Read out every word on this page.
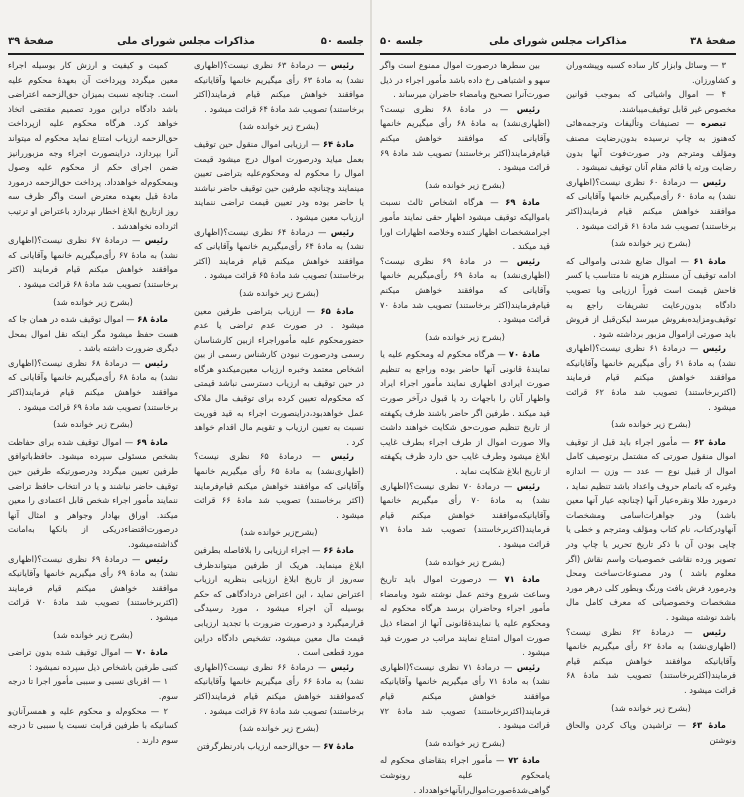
جلسه ۵۰
مذاکرات مجلس شورای ملی
صفحهٔ ۳۹

رئیس — درمادهٔ ۶۳ نظری نیست؟(اظهاری نشد) به مادهٔ ۶۳ رأی میگیریم خانمها وآقایانیکه موافقند خواهش میکنم قیام فرمایند(اکثر برخاستند) تصویب شد مادهٔ ۶۴ قرائت میشود .

(بشرح زیر خوانده شد)

مادهٔ ۶۴ — ارزیابی اموال منقول حین توقیف بعمل میاید ودرصورت اموال درج میشود قیمت اموال را محکوم له ومحکوم‌علیه بتراضی تعیین مینمایند وچنانچه طرفین حین توقیف حاضر نباشند یا حاضر بوده ودر تعیین قیمت تراضی ننمایند ارزیاب معین میشود .

رئیس — درمادهٔ ۶۴ نظری نیست؟(اظهاری نشد) به مادهٔ ۶۴ رأی‌میگیریم خانمها وآقایانی که موافقند خواهش میکنم قیام فرمایند (اکثر برخاستند) تصویب شد مادهٔ ۶۵ قرائت میشود .

(بشرح زیر خوانده شد)

مادهٔ ۶۵ — ارزیاب بتراضی طرفین معین میشود . در صورت عدم تراضی یا عدم حضورمحکوم علیه مأموراجراء ازبین کارشناسان رسمی ودرصورت نبودن کارشناس رسمی از بین اشخاص معتمد وخبره ارزیاب معین‌میکندو هرگاه در حین توقیف به ارزیاب دسترسی نباشد قیمتی که محکوم‌له تعیین کرده برای توقیف مال ملاک عمل خواهدبود،دراینصورت اجراء به قید فوریت نسبت به تعیین ارزیاب و تقویم مال اقدام خواهد کرد .

رئیس — درمادهٔ ۶۵ نظری نیست؟(اظهاری‌نشد) به مادهٔ ۶۵ رأی میگیریم خانمها وآقایانی که موافقند خواهش میکنم قیام‌فرمایند (اکثر برخاستند) تصویب شد مادهٔ ۶۶ قرائت میشود .

(بشرح‌زیر خوانده شد)

مادهٔ ۶۶ — اجراء ارزیابی را بلافاصله بطرفین ابلاغ مینماید. هریک از طرفین میتواندظرف سه‌روز از تاریخ ابلاغ ارزیابی بنظریه ارزیاب اعتراض نماید ، این اعتراض دردادگاهی که حکم بوسیله آن اجراء میشود ، مورد رسیدگی قرارمیگیرد و درصورت ضرورت با تجدید ارزیابی قیمت مال معین میشود، تشخیص دادگاه دراین مورد قطعی است .

رئیس — درمادهٔ ۶۶ نظری نیست؟(اظهاری نشد) به مادهٔ ۶۶ رأی میگیریم خانمها وآقایانیکه که‌موافقند خواهش میکنم قیام فرمایند(اکثر برخاستند) تصویب شد مادهٔ ۶۷ قرائت میشود .

(بشرح زیر خوانده شد)

مادهٔ ۶۷ — حق‌الزحمه ارزیاب بادرنظرگرفتن

کمیت و کیفیت و ارزش کار بوسیله اجراء معین میگردد وپرداخت آن بعهدهٔ محکوم علیه است. چنانچه نسبت بمیزان حق‌الزحمه اعتراضی باشد دادگاه دراین مورد تصمیم مقتضی اتخاذ خواهد کرد. هرگاه محکوم علیه ازپرداخت حق‌الزحمه ارزیاب امتناع نماید محکوم له میتواند آنرا بپردازد، دراینصورت اجراء وجه مزبوررانیز ضمن اجرای حکم از محکوم علیه وصول وبمحکوم‌له خواهدداد. پرداخت حق‌الزحمه درمورد مادهٔ قبل بعهده معترض است واگر ظرف سه روز ازتاریخ ابلاغ اخطار نپردازد باعتراض او ترتیب اثرداده نخواهدشد .

رئیس — درمادهٔ ۶۷ نظری نیست؟(اظهاری نشد) به مادهٔ ۶۷ رأی‌میگیریم خانمها وآقایانی که موافقند خواهش میکنم قیام فرمایند (اکثر برخاستند) تصویب شد مادهٔ ۶۸ قرائت میشود .

(بشرح زیر خوانده شد)

مادهٔ ۶۸ — اموال توقیف شده در همان جا که هست حفظ میشود مگر اینکه نقل اموال بمحل دیگری ضرورت داشته باشد .

رئیس — درمادهٔ ۶۸ نظری نیست؟(اظهاری نشد) به مادهٔ ۶۸ رأی‌میگیریم خانمها وآقایانی که موافقند خواهش میکنم قیام فرمایند(اکثر برخاستند) تصویب شد مادهٔ ۶۹ قرائت میشود .

(بشرح زیر خوانده شد)

مادهٔ ۶۹ — اموال توقیف شده برای حفاظت بشخص مسئولی سپرده میشود. حافظ‌باتوافق طرفین تعیین میگردد ودرصورتیکه طرفین حین توقیف حاضر نباشند و یا در انتخاب حافظ تراضی ننمایند مأمور اجراء شخص قابل اعتمادی را معین میکند. اوراق بهادار وجواهر و امثال آنها درصورت‌اقتضاءدریکی از بانکها به‌امانت گذاشته‌میشود.

رئیس — درمادهٔ ۶۹ نظری نیست؟(اظهاری نشد) به مادهٔ ۶۹ رأی میگیریم خانمها وآقایانیکه موافقند خواهش میکنم قیام فرمایند (اکثربرخاستند) تصویب شد مادهٔ ۷۰ قرائت میشود .

(بشرح زیر خوانده شد)

مادهٔ ۷۰ — اموال توقیف شده بدون تراضی کتبی طرفین باشخاص ذیل سپرده نمیشود :

۱ — اقربای نسبی و سببی مأمور اجرا تا درجه سوم.

۲ — محکوم‌له و محکوم علیه و همسرآنان‌و کسانیکه با طرفین قرابت نسبت یا سببی تا درجه سوم دارند .

صفحهٔ ۳۸
مذاکرات مجلس شورای ملی
جلسه ۵۰

۳ — وسائل وابزار کار ساده کسبه وپیشه‌وران و کشاورزان.

۴ — اموال واشیائی که بموجب قوانین مخصوص غیر قابل توقیف‌میباشند.

تبصره — تصنیفات وتألیفات وترجمه‌هائی که‌هنوز به چاپ نرسیده بدون‌رضایت مصنف ومؤلف ومترجم ودر صورت‌فوت آنها بدون رضایت ورثه یا قائم مقام آنان توقیف نمیشود .

رئیس — درمادهٔ ۶۰ نظری نیست؟(اظهاری نشد) به مادهٔ ۶۰ رأی‌میگیریم خانمها وآقایانی که موافقند خواهش میکنم قیام فرمایند(اکثر برخاستند) تصویب شد مادهٔ ۶۱ قرائت میشود .

(بشرح زیر خوانده شد)

مادهٔ ۶۱ — اموال ضایع شدنی واموالی که ادامه توقیف آن مستلزم هزینه نا متناسب یا کسر فاحش قیمت است فوراً ارزیابی وبا تصویب دادگاه بدون‌رعایت تشریفات راجع به توقیف‌ومزایده‌بفروش میرسد لیکن‌قبل از فروش باید صورتی ازاموال مزبور برداشته شود .

رئیس — درمادهٔ ۶۱ نظری نیست؟(اظهاری نشد) به مادهٔ ۶۱ رأی میگیریم خانمها وآقایانیکه موافقند خواهش میکنم قیام فرمایند (اکثربرخاستند) تصویب شد مادهٔ ۶۲ قرائت میشود .

(بشرح زیر خوانده شد)

مادهٔ ۶۲ — مأمور اجراء باید قبل از توقیف اموال منقول صورتی که مشتمل برتوصیف کامل اموال از قبیل نوع — عدد — وزن — اندازه وغیره که باتمام حروف واعداد باشد تنظیم نماید ، درمورد طلا ونقره‌عیار آنها (چنانچه عیار آنها معین باشد) ودر جواهرات‌اسامی ومشخصات آنهاودرکتاب، نام کتاب ومؤلف ومترجم و خطی یا چاپی بودن آن با ذکر تاریخ تحریر یا چاپ ودر تصویر ورده نقاشی خصوصیات واسم نقاش (اگر معلوم باشد ) ودر مصنوعات‌ساخت ومحل ودرمورد فرش بافت ورنگ وبطور کلی درهر مورد مشخصات وخصوصیاتی که معرف کامل مال باشد نوشته میشود .

رئیس — درمادهٔ ۶۲ نظری نیست؟(اظهاری‌نشد) به مادهٔ ۶۲ رأی میگیریم خانمها وآقایانیکه موافقند خواهش میکنم قیام فرمایند(اکثربرخاستند) تصویب شد مادهٔ ۶۸ قرائت میشود .

(بشرح زیر خوانده شد)

مادهٔ ۶۳ — تراشیدن وپاک کردن والحاق ونوشتن

بین سطرها درصورت اموال ممنوع است واگر سهو و اشتباهی رخ داده باشد مأمور اجراء در ذیل صورت‌آنرا تصحیح وبامضاء حاضران میرساند .

رئیس — در مادهٔ ۶۸ نظری نیست؟(اظهاری‌نشد) به مادهٔ ۶۸ رأی میگیریم خانمها وآقایانی که موافقند خواهش میکنم قیام‌فرمایند(اکثر برخاستند) تصویب شد مادهٔ ۶۹ قرائت میشود .

(بشرح زیر خوانده شد)

مادهٔ ۶۹ — هرگاه اشخاص ثالث نسبت باموالیکه توقیف میشود اظهار حقی نمایند مأمور اجرامشخصات اظهار کننده وخلاصه اظهارات اورا قید میکند .

رئیس — در مادهٔ ۶۹ نظری نیست؟(اظهاری‌نشد) به مادهٔ ۶۹ رأی‌میگیریم خانمها وآقایانی که موافقند خواهش میکنم قیام‌فرمایند(اکثر برخاستند) تصویب شد مادهٔ ۷۰ قرائت میشود .

(بشرح زیر خوانده شد)

مادهٔ ۷۰ — هرگاه محکوم له ومحکوم علیه یا نمایندهٔ قانونی آنها حاضر بوده وراجع به تنظیم صورت ایرادی اظهاری نمایند مأمور اجراء ایراد واظهار آنان را باجهات رد یا قبول درآخر صورت قید میکند . طرفین اگر حاضر باشند ظرف یکهفته از تاریخ تنظیم صورت‌حق شکایت خواهند داشت والا صورت اموال از طرف اجراء بطرف غایب ابلاغ میشود وطرف غایب حق دارد ظرف یکهفته از تاریخ ابلاغ شکایت نماید .

رئیس — درمادهٔ ۷۰ نظری نیست؟(اظهاری نشد) به مادهٔ ۷۰ رأی میگیریم خانمها وآقایانیکه‌موافقند خواهش میکنم قیام فرمایند(اکثربرخاستند) تصویب شد مادهٔ ۷۱ قرائت میشود .

(بشرح زیر خوانده شد)

مادهٔ ۷۱ — درصورت اموال باید تاریخ وساعت شروع وختم عمل نوشته شود وبامضاء مأمور اجراء وحاضران برسد هرگاه محکوم له ومحکوم علیه یا نمایندهٔ‌قانونی آنها از امضاء ذیل صورت اموال امتناع نمایند مراتب در صورت قید میشود .

رئیس — درمادهٔ ۷۱ نظری نیست؟(اظهاری نشد) به مادهٔ ۷۱ رأی میگیریم خانمها وآقایانیکه موافقند خواهش میکنم قیام فرمایند(اکثربرخاستند) تصویب شد مادهٔ ۷۲ قرائت میشود .

(بشرح زیر خوانده شد)

مادهٔ ۷۲ — مأمور اجراء بتقاضای محکوم له یامحکوم علیه رونوشت گواهی‌شدهٔ‌صورت‌اموال‌رابآنهاخواهدداد .
